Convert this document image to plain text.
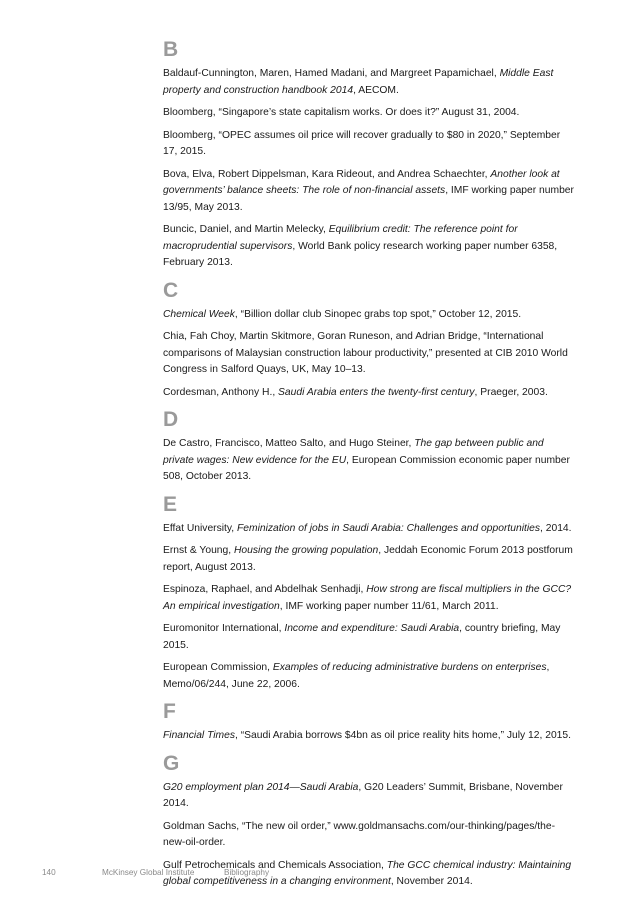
B

Baldauf-Cunnington, Maren, Hamed Madani, and Margreet Papamichael, Middle East property and construction handbook 2014, AECOM.

Bloomberg, “Singapore’s state capitalism works. Or does it?” August 31, 2004.

Bloomberg, “OPEC assumes oil price will recover gradually to $80 in 2020,” September 17, 2015.

Bova, Elva, Robert Dippelsman, Kara Rideout, and Andrea Schaechter, Another look at governments’ balance sheets: The role of non-financial assets, IMF working paper number 13/95, May 2013.

Buncic, Daniel, and Martin Melecky, Equilibrium credit: The reference point for macroprudential supervisors, World Bank policy research working paper number 6358, February 2013.

C

Chemical Week, “Billion dollar club Sinopec grabs top spot,” October 12, 2015.

Chia, Fah Choy, Martin Skitmore, Goran Runeson, and Adrian Bridge, “International comparisons of Malaysian construction labour productivity,” presented at CIB 2010 World Congress in Salford Quays, UK, May 10–13.

Cordesman, Anthony H., Saudi Arabia enters the twenty-first century, Praeger, 2003.

D

De Castro, Francisco, Matteo Salto, and Hugo Steiner, The gap between public and private wages: New evidence for the EU, European Commission economic paper number 508, October 2013.

E

Effat University, Feminization of jobs in Saudi Arabia: Challenges and opportunities, 2014.

Ernst & Young, Housing the growing population, Jeddah Economic Forum 2013 postforum report, August 2013.

Espinoza, Raphael, and Abdelhak Senhadji, How strong are fiscal multipliers in the GCC? An empirical investigation, IMF working paper number 11/61, March 2011.

Euromonitor International, Income and expenditure: Saudi Arabia, country briefing, May 2015.

European Commission, Examples of reducing administrative burdens on enterprises, Memo/06/244, June 22, 2006.

F

Financial Times, “Saudi Arabia borrows $4bn as oil price reality hits home,” July 12, 2015.

G

G20 employment plan 2014—Saudi Arabia, G20 Leaders’ Summit, Brisbane, November 2014.

Goldman Sachs, “The new oil order,” www.goldmansachs.com/our-thinking/pages/the-new-oil-order.

Gulf Petrochemicals and Chemicals Association, The GCC chemical industry: Maintaining global competitiveness in a changing environment, November 2014.

140	McKinsey Global Institute	Bibliography
